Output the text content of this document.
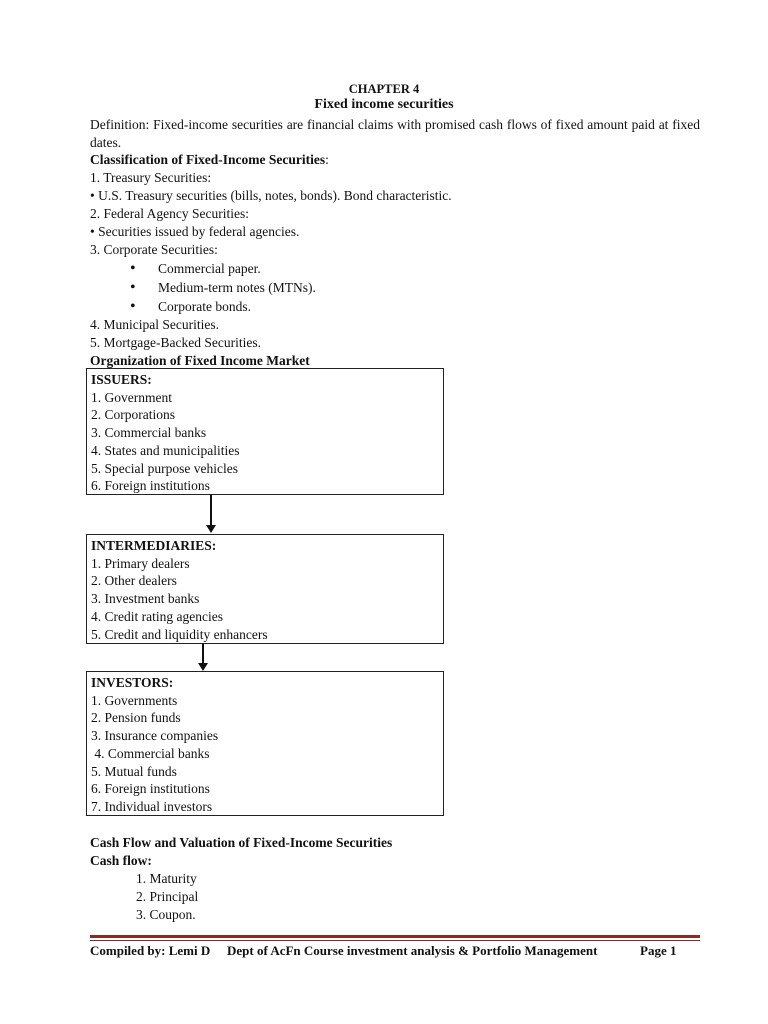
CHAPTER 4
Fixed income securities
Definition: Fixed-income securities are financial claims with promised cash flows of fixed amount paid at fixed dates.
Classification of Fixed-Income Securities:
1. Treasury Securities:
• U.S. Treasury securities (bills, notes, bonds). Bond characteristic.
2. Federal Agency Securities:
• Securities issued by federal agencies.
3. Corporate Securities:
• Commercial paper.
• Medium-term notes (MTNs).
• Corporate bonds.
4. Municipal Securities.
5. Mortgage-Backed Securities.
Organization of Fixed Income Market
ISSUERS:
1. Government
2. Corporations
3. Commercial banks
4. States and municipalities
5. Special purpose vehicles
6. Foreign institutions
INTERMEDIARIES:
1. Primary dealers
2. Other dealers
3. Investment banks
4. Credit rating agencies
5. Credit and liquidity enhancers
INVESTORS:
1. Governments
2. Pension funds
3. Insurance companies
4. Commercial banks
5. Mutual funds
6. Foreign institutions
7. Individual investors
Cash Flow and Valuation of Fixed-Income Securities
Cash flow:
1. Maturity
2. Principal
3. Coupon.
Compiled by: Lemi D Dept of AcFn Course investment analysis & Portfolio Management	Page 1
